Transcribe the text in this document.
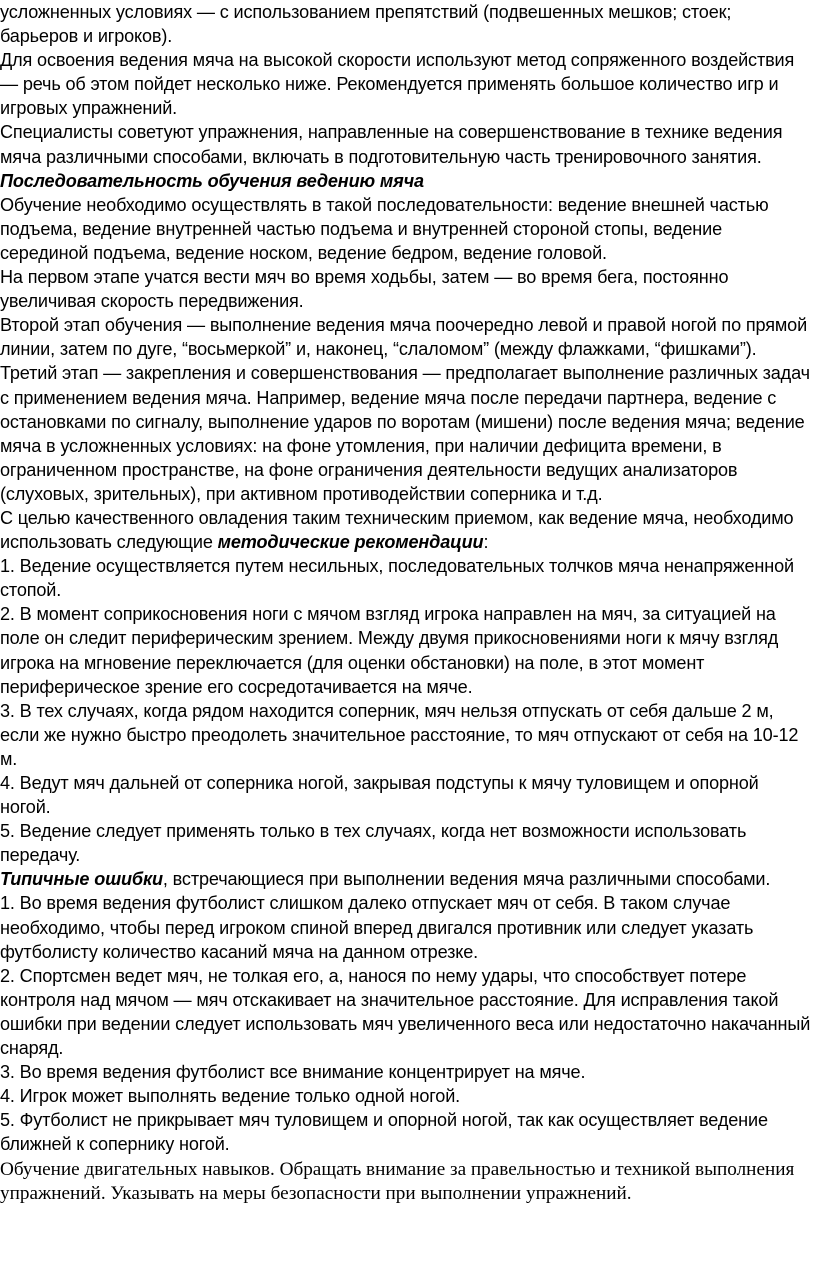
усложненных условиях — с использованием препятствий (подвешенных мешков; стоек; барьеров и игроков).

Для освоения ведения мяча на высокой скорости используют метод сопряженного воздействия — речь об этом пойдет несколько ниже. Рекомендуется применять большое количество игр и игровых упражнений.

Специалисты советуют упражнения, направленные на совершенствование в технике ведения мяча различными способами, включать в подготовительную часть тренировочного занятия.

Последовательность обучения ведению мяча

Обучение необходимо осуществлять в такой последовательности: ведение внешней частью подъема, ведение внутренней частью подъема и внутренней стороной стопы, ведение серединой подъема, ведение носком, ведение бедром, ведение головой.

На первом этапе учатся вести мяч во время ходьбы, затем — во время бега, постоянно увеличивая скорость передвижения.

Второй этап обучения — выполнение ведения мяча поочередно левой и правой ногой по прямой линии, затем по дуге, “восьмеркой” и, наконец, “слаломом” (между флажками, “фишками”).

Третий этап — закрепления и совершенствования — предполагает выполнение различных задач с применением ведения мяча. Например, ведение мяча после передачи партнера, ведение с остановками по сигналу, выполнение ударов по воротам (мишени) после ведения мяча; ведение мяча в усложненных условиях: на фоне утомления, при наличии дефицита времени, в ограниченном пространстве, на фоне ограничения деятельности ведущих анализаторов (слуховых, зрительных), при активном противодействии соперника и т.д.

С целью качественного овладения таким техническим приемом, как ведение мяча, необходимо использовать следующие методические рекомендации:

1. Ведение осуществляется путем несильных, последовательных толчков мяча ненапряженной стопой.

2. В момент соприкосновения ноги с мячом взгляд игрока направлен на мяч, за ситуацией на поле он следит периферическим зрением. Между двумя прикосновениями ноги к мячу взгляд игрока на мгновение переключается (для оценки обстановки) на поле, в этот момент периферическое зрение его сосредотачивается на мяче.

3. В тех случаях, когда рядом находится соперник, мяч нельзя отпускать от себя дальше 2 м, если же нужно быстро преодолеть значительное расстояние, то мяч отпускают от себя на 10-12 м.

4. Ведут мяч дальней от соперника ногой, закрывая подступы к мячу туловищем и опорной ногой.

5. Ведение следует применять только в тех случаях, когда нет возможности использовать передачу.

Типичные ошибки, встречающиеся при выполнении ведения мяча различными способами.

1. Во время ведения футболист слишком далеко отпускает мяч от себя. В таком случае необходимо, чтобы перед игроком спиной вперед двигался противник или следует указать футболисту количество касаний мяча на данном отрезке.

2. Спортсмен ведет мяч, не толкая его, а, нанося по нему удары, что способствует потере контроля над мячом — мяч отскакивает на значительное расстояние. Для исправления такой ошибки при ведении следует использовать мяч увеличенного веса или недостаточно накачанный снаряд.

3. Во время ведения футболист все внимание концентрирует на мяче.

4. Игрок может выполнять ведение только одной ногой.

5. Футболист не прикрывает мяч туловищем и опорной ногой, так как осуществляет ведение ближней к сопернику ногой.

Обучение двигательных навыков. Обращать внимание за правельностью и техникой выполнения упражнений. Указывать на меры безопасности при выполнении упражнений.
